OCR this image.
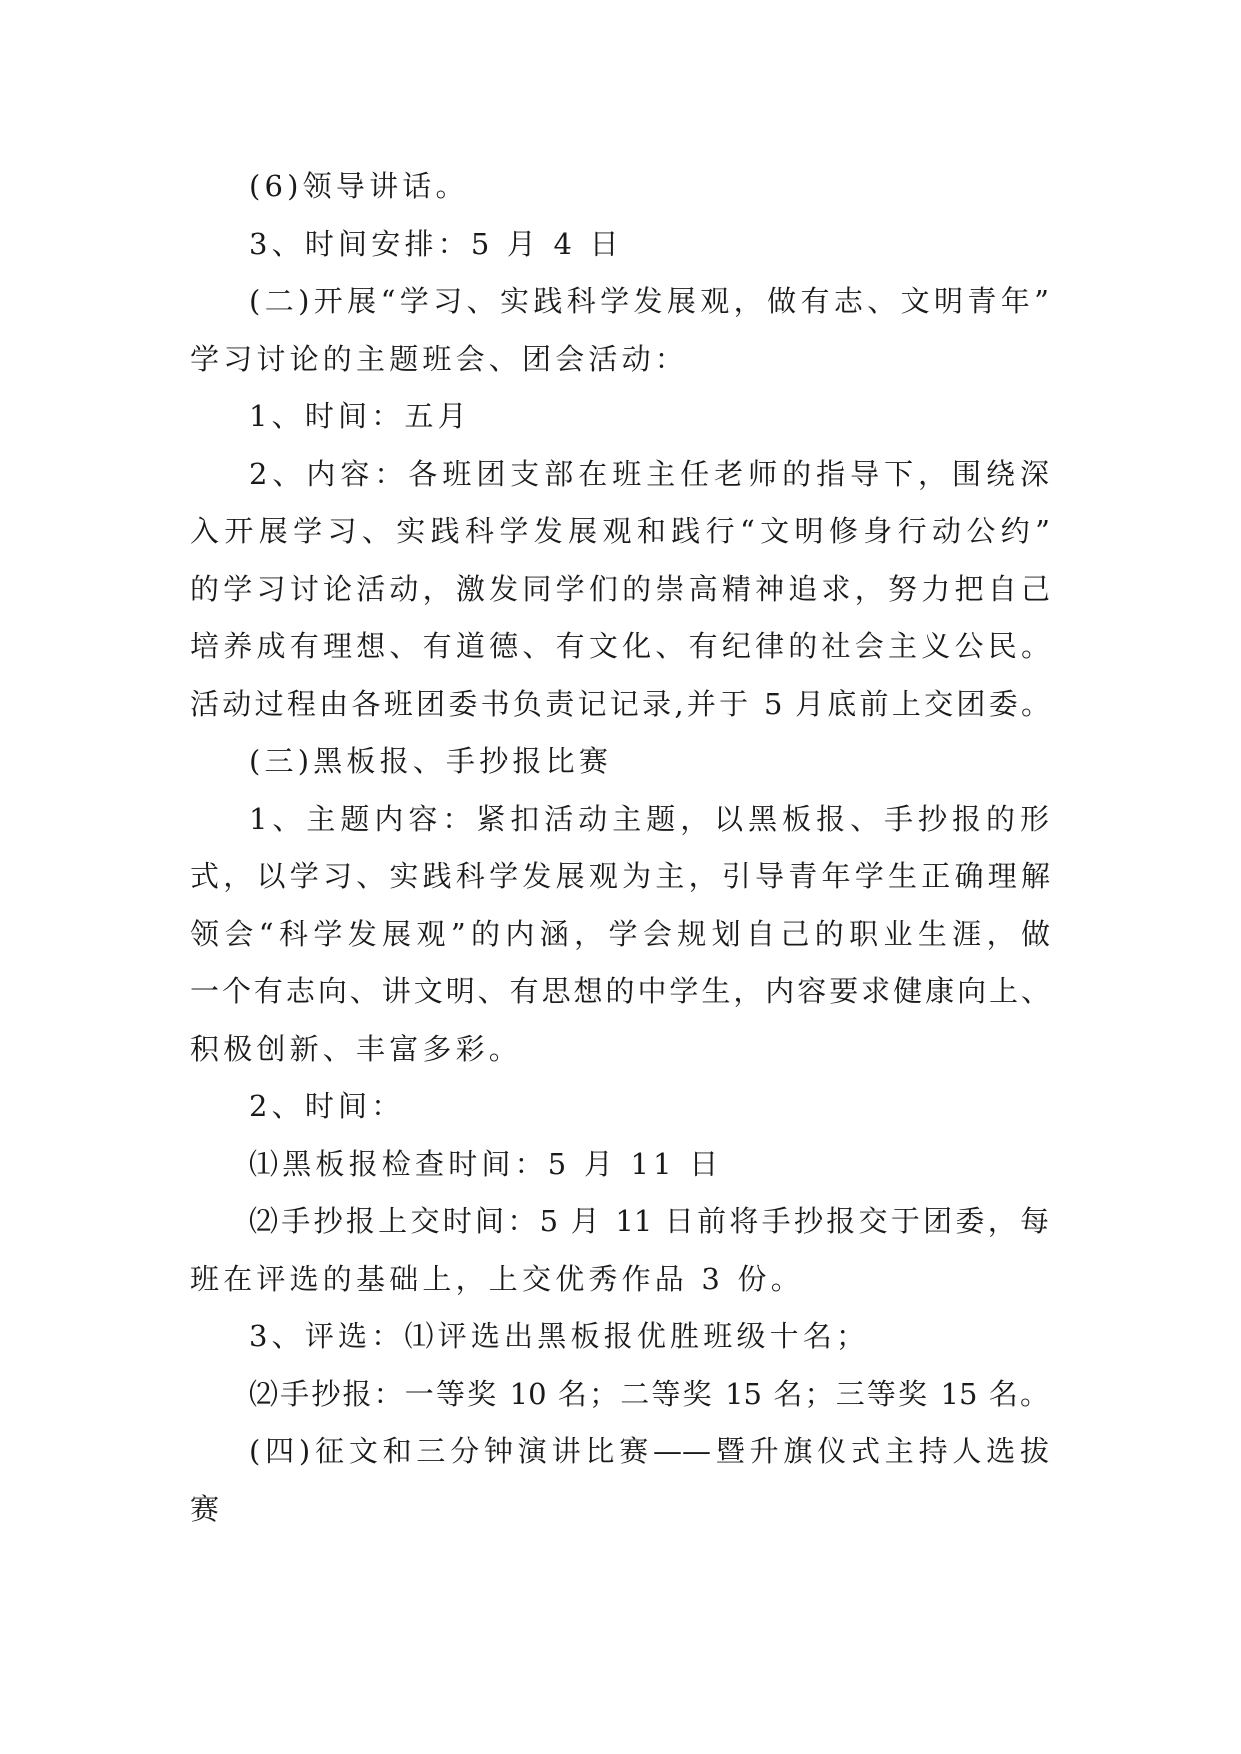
(6)领导讲话。
3、时间安排：5 月 4 日
(二)开展“学习、实践科学发展观，做有志、文明青年”
学习讨论的主题班会、团会活动：
1、时间：五月
2、内容：各班团支部在班主任老师的指导下，围绕深
入开展学习、实践科学发展观和践行“文明修身行动公约”
的学习讨论活动，激发同学们的崇高精神追求，努力把自己
培养成有理想、有道德、有文化、有纪律的社会主义公民。
活动过程由各班团委书负责记记录,并于 5 月底前上交团委。
(三)黑板报、手抄报比赛
1、主题内容：紧扣活动主题，以黑板报、手抄报的形
式，以学习、实践科学发展观为主，引导青年学生正确理解
领会“科学发展观”的内涵，学会规划自己的职业生涯，做
一个有志向、讲文明、有思想的中学生，内容要求健康向上、
积极创新、丰富多彩。
2、时间：
⑴黑板报检查时间：5 月 11 日
⑵手抄报上交时间：5 月 11 日前将手抄报交于团委，每
班在评选的基础上，上交优秀作品 3 份。
3、评选：⑴评选出黑板报优胜班级十名；
⑵手抄报：一等奖 10 名；二等奖 15 名；三等奖 15 名。
(四)征文和三分钟演讲比赛——暨升旗仪式主持人选拔
赛
